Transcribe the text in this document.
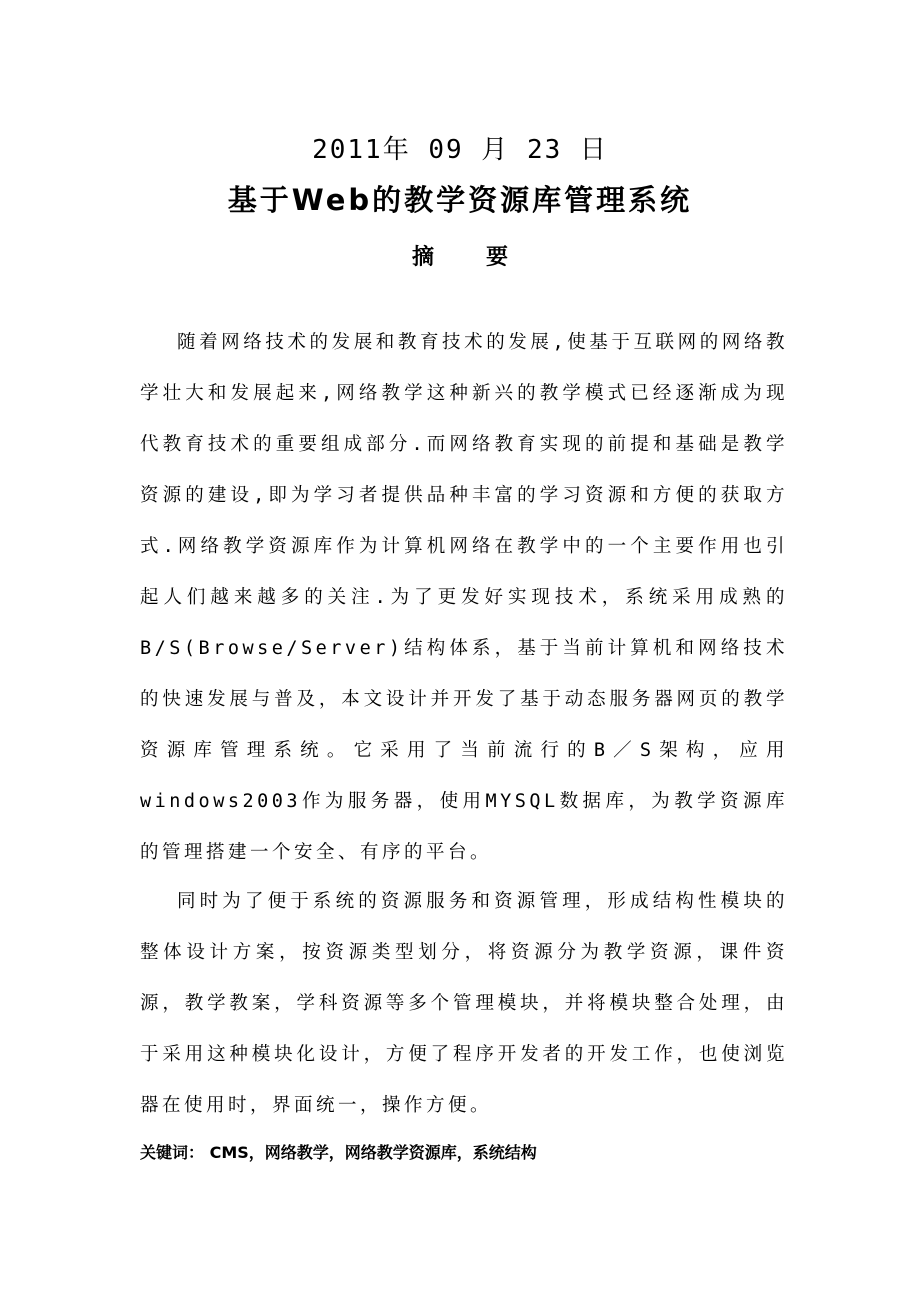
2011年 09 月 23 日
基于Web的教学资源库管理系统
摘 要

随着网络技术的发展和教育技术的发展,使基于互联网的网络教学壮大和发展起来,网络教学这种新兴的教学模式已经逐渐成为现代教育技术的重要组成部分.而网络教育实现的前提和基础是教学资源的建设,即为学习者提供品种丰富的学习资源和方便的获取方式.网络教学资源库作为计算机网络在教学中的一个主要作用也引起人们越来越多的关注.为了更发好实现技术，系统采用成熟的B/S(Browse/Server)结构体系，基于当前计算机和网络技术的快速发展与普及，本文设计并开发了基于动态服务器网页的教学资源库管理系统。它采用了当前流行的B／S架构，应用windows2003作为服务器，使用MYSQL数据库，为教学资源库的管理搭建一个安全、有序的平台。

同时为了便于系统的资源服务和资源管理，形成结构性模块的整体设计方案，按资源类型划分，将资源分为教学资源，课件资源，教学教案，学科资源等多个管理模块，并将模块整合处理，由于采用这种模块化设计，方便了程序开发者的开发工作，也使浏览器在使用时，界面统一，操作方便。

关键词： CMS，网络教学，网络教学资源库，系统结构
